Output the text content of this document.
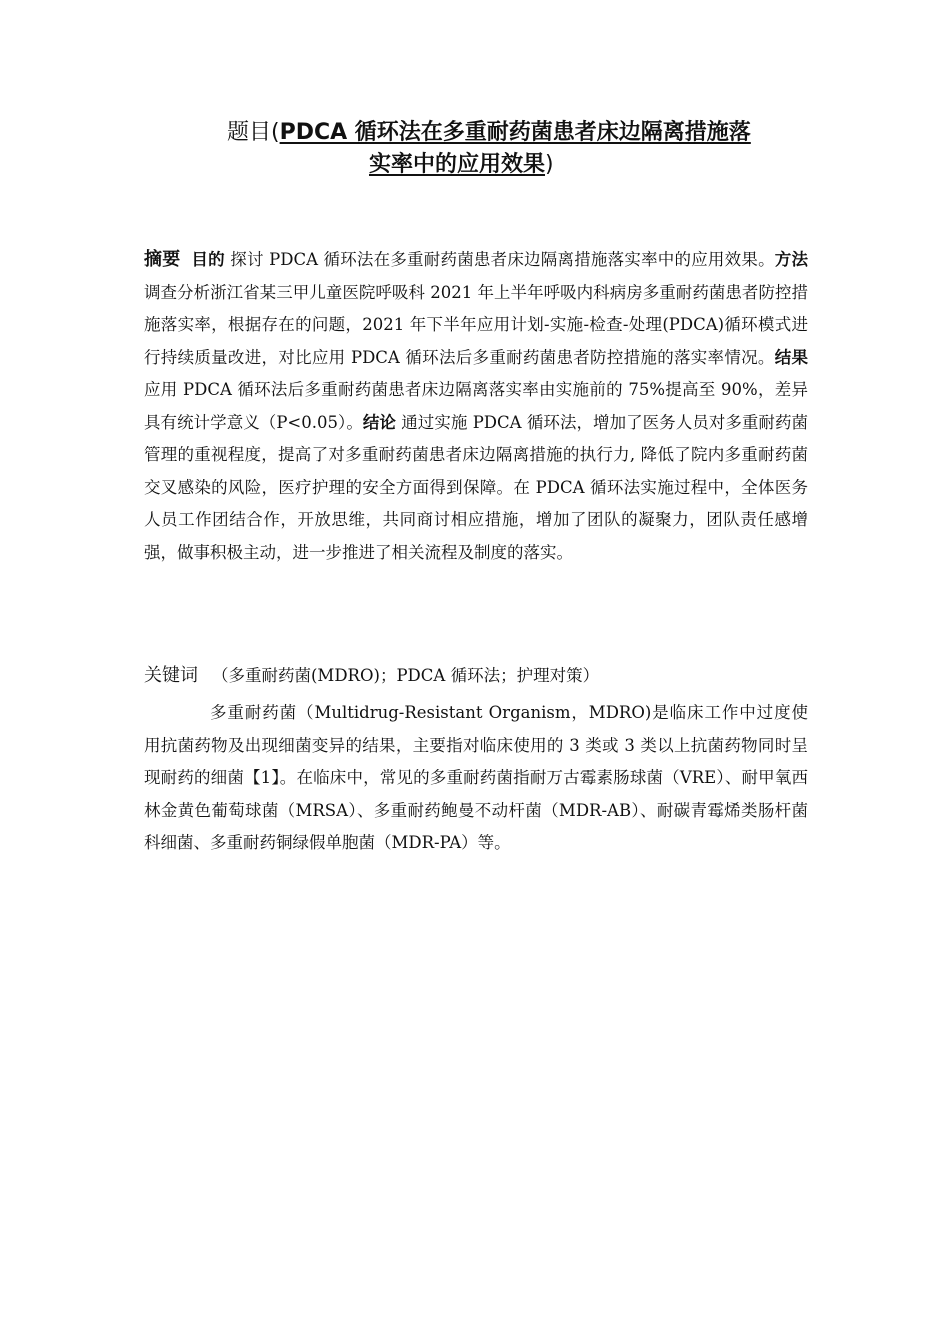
题目(PDCA 循环法在多重耐药菌患者床边隔离措施落
实率中的应用效果)
摘要 目的 探讨 PDCA 循环法在多重耐药菌患者床边隔离措施落实率中的应用效果。方法 调查分析浙江省某三甲儿童医院呼吸科 2021 年上半年呼吸内科病房多重耐药菌患者防控措施落实率，根据存在的问题，2021 年下半年应用计划-实施-检查-处理(PDCA)循环模式进行持续质量改进，对比应用 PDCA 循环法后多重耐药菌患者防控措施的落实率情况。结果 应用 PDCA 循环法后多重耐药菌患者床边隔离落实率由实施前的 75%提高至 90%，差异具有统计学意义（P<0.05）。结论 通过实施 PDCA 循环法，增加了医务人员对多重耐药菌管理的重视程度，提高了对多重耐药菌患者床边隔离措施的执行力, 降低了院内多重耐药菌交叉感染的风险，医疗护理的安全方面得到保障。在 PDCA 循环法实施过程中，全体医务人员工作团结合作，开放思维，共同商讨相应措施，增加了团队的凝聚力，团队责任感增强，做事积极主动，进一步推进了相关流程及制度的落实。
关键词 （多重耐药菌(MDRO)；PDCA 循环法；护理对策）
多重耐药菌（Multidrug-Resistant Organism，MDRO)是临床工作中过度使用抗菌药物及出现细菌变异的结果，主要指对临床使用的 3 类或 3 类以上抗菌药物同时呈现耐药的细菌【1】。在临床中，常见的多重耐药菌指耐万古霉素肠球菌（VRE）、耐甲氧西林金黄色葡萄球菌（MRSA）、多重耐药鲍曼不动杆菌（MDR-AB）、耐碳青霉烯类肠杆菌科细菌、多重耐药铜绿假单胞菌（MDR-PA）等。
